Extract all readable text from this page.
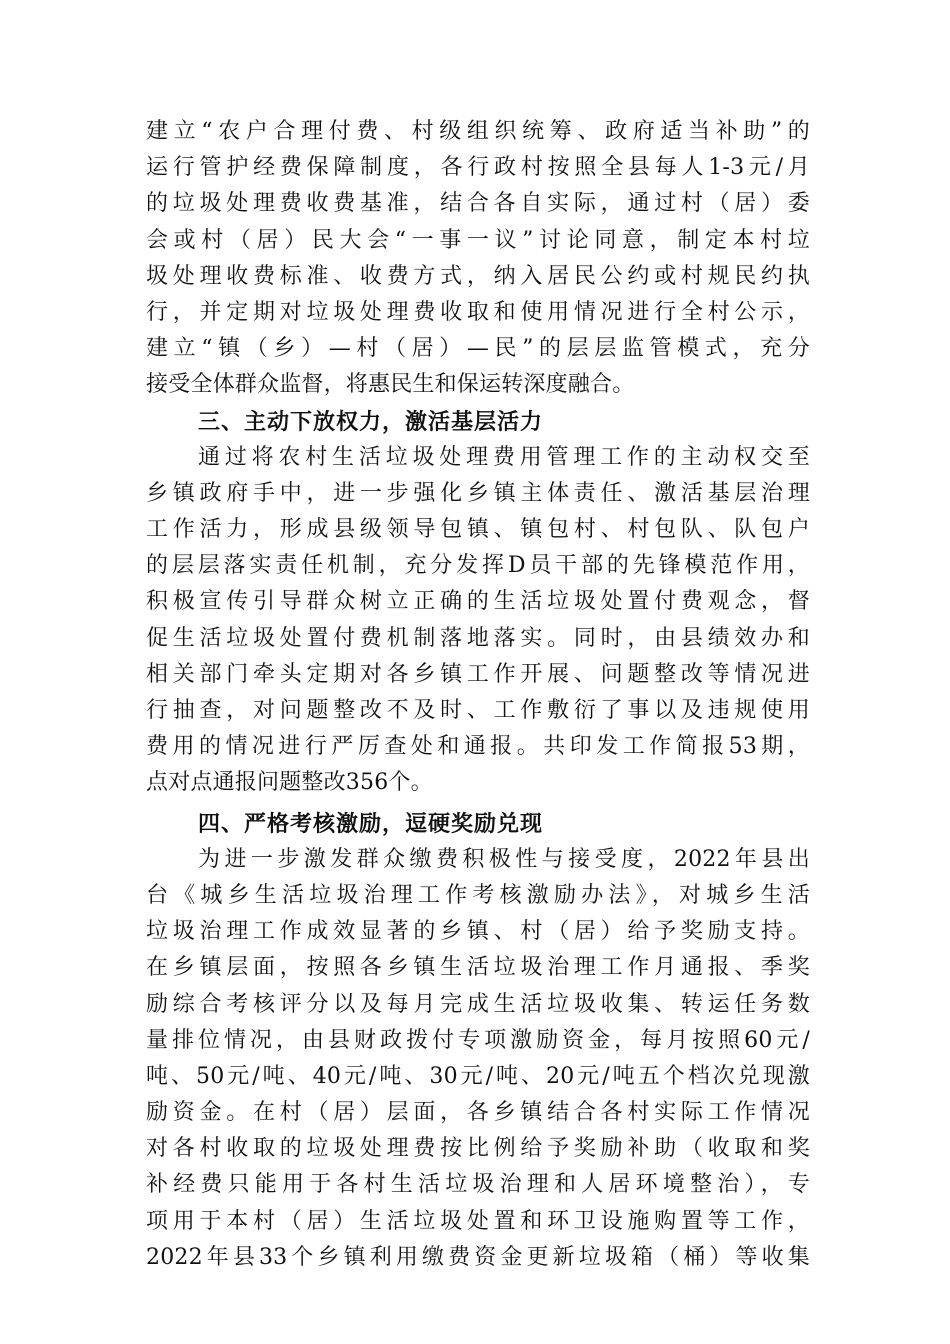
建立“农户合理付费、村级组织统筹、政府适当补助”的
运行管护经费保障制度，各行政村按照全县每人1-3元/月
的垃圾处理费收费基准，结合各自实际，通过村（居）委
会或村（居）民大会“一事一议”讨论同意，制定本村垃
圾处理收费标准、收费方式，纳入居民公约或村规民约执
行，并定期对垃圾处理费收取和使用情况进行全村公示，
建立“镇（乡）—村（居）—民”的层层监管模式，充分
接受全体群众监督，将惠民生和保运转深度融合。
三、主动下放权力，激活基层活力
通过将农村生活垃圾处理费用管理工作的主动权交至
乡镇政府手中，进一步强化乡镇主体责任、激活基层治理
工作活力，形成县级领导包镇、镇包村、村包队、队包户
的层层落实责任机制，充分发挥D员干部的先锋模范作用，
积极宣传引导群众树立正确的生活垃圾处置付费观念，督
促生活垃圾处置付费机制落地落实。同时，由县绩效办和
相关部门牵头定期对各乡镇工作开展、问题整改等情况进
行抽查，对问题整改不及时、工作敷衍了事以及违规使用
费用的情况进行严厉查处和通报。共印发工作简报53期，
点对点通报问题整改356个。
四、严格考核激励，逗硬奖励兑现
为进一步激发群众缴费积极性与接受度，2022年县出
台《城乡生活垃圾治理工作考核激励办法》，对城乡生活
垃圾治理工作成效显著的乡镇、村（居）给予奖励支持。
在乡镇层面，按照各乡镇生活垃圾治理工作月通报、季奖
励综合考核评分以及每月完成生活垃圾收集、转运任务数
量排位情况，由县财政拨付专项激励资金，每月按照60元/
吨、50元/吨、40元/吨、30元/吨、20元/吨五个档次兑现激
励资金。在村（居）层面，各乡镇结合各村实际工作情况
对各村收取的垃圾处理费按比例给予奖励补助（收取和奖
补经费只能用于各村生活垃圾治理和人居环境整治），专
项用于本村（居）生活垃圾处置和环卫设施购置等工作，
2022年县33个乡镇利用缴费资金更新垃圾箱（桶）等收集
